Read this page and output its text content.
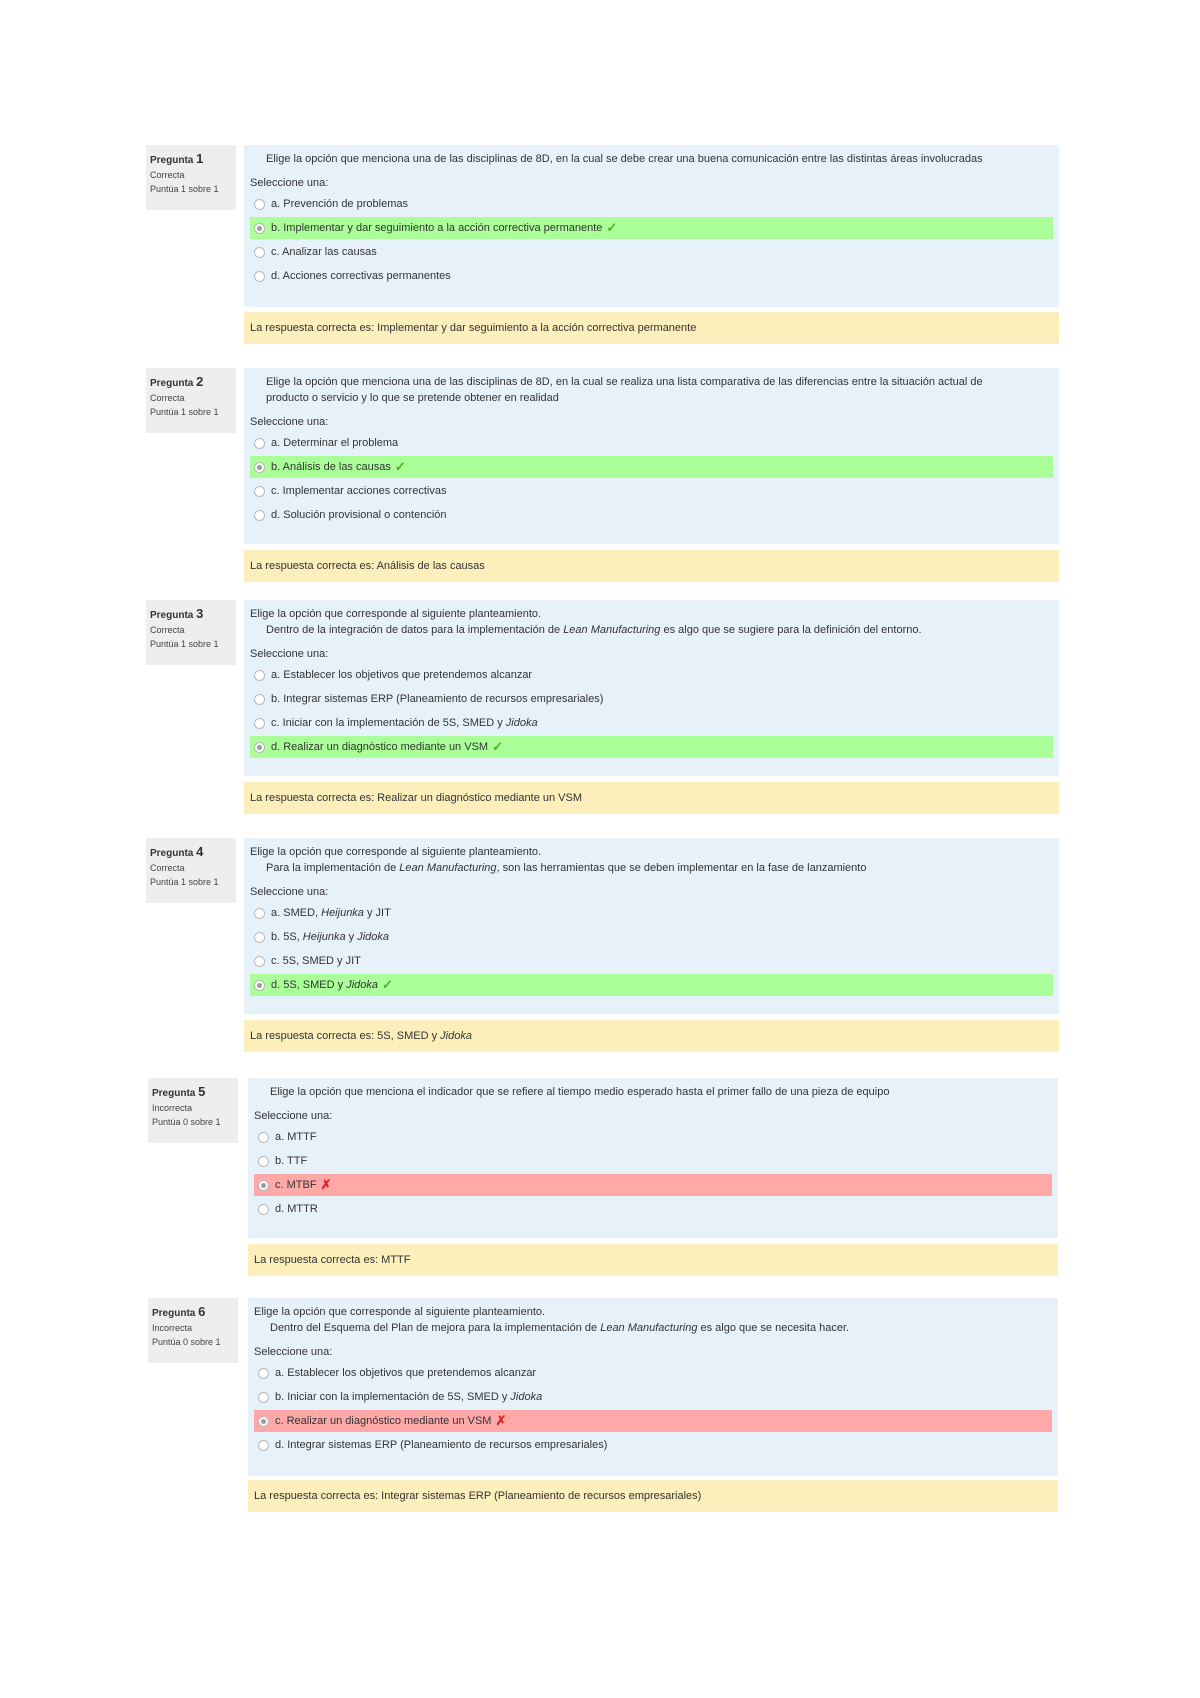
Pregunta 1
Correcta
Puntúa 1 sobre 1
Elige la opción que menciona una de las disciplinas de 8D, en la cual se debe crear una buena comunicación entre las distintas áreas involucradas
Seleccione una:
a. Prevención de problemas
b. Implementar y dar seguimiento a la acción correctiva permanente ✓
c. Analizar las causas
d. Acciones correctivas permanentes
La respuesta correcta es: Implementar y dar seguimiento a la acción correctiva permanente
Pregunta 2
Correcta
Puntúa 1 sobre 1
Elige la opción que menciona una de las disciplinas de 8D, en la cual se realiza una lista comparativa de las diferencias entre la situación actual de
producto o servicio y lo que se pretende obtener en realidad
Seleccione una:
a. Determinar el problema
b. Análisis de las causas ✓
c. Implementar acciones correctivas
d. Solución provisional o contención
La respuesta correcta es: Análisis de las causas
Pregunta 3
Correcta
Puntúa 1 sobre 1
Elige la opción que corresponde al siguiente planteamiento.
Dentro de la integración de datos para la implementación de Lean Manufacturing es algo que se sugiere para la definición del entorno.
Seleccione una:
a. Establecer los objetivos que pretendemos alcanzar
b. Integrar sistemas ERP (Planeamiento de recursos empresariales)
c. Iniciar con la implementación de 5S, SMED y Jidoka
d. Realizar un diagnóstico mediante un VSM ✓
La respuesta correcta es: Realizar un diagnóstico mediante un VSM
Pregunta 4
Correcta
Puntúa 1 sobre 1
Elige la opción que corresponde al siguiente planteamiento.
Para la implementación de Lean Manufacturing, son las herramientas que se deben implementar en la fase de lanzamiento
Seleccione una:
a. SMED, Heijunka y JIT
b. 5S, Heijunka y Jidoka
c. 5S, SMED y JIT
d. 5S, SMED y Jidoka ✓
La respuesta correcta es: 5S, SMED y Jidoka
Pregunta 5
Incorrecta
Puntúa 0 sobre 1
Elige la opción que menciona el indicador que se refiere al tiempo medio esperado hasta el primer fallo de una pieza de equipo
Seleccione una:
a. MTTF
b. TTF
c. MTBF ✗
d. MTTR
La respuesta correcta es: MTTF
Pregunta 6
Incorrecta
Puntúa 0 sobre 1
Elige la opción que corresponde al siguiente planteamiento.
Dentro del Esquema del Plan de mejora para la implementación de Lean Manufacturing es algo que se necesita hacer.
Seleccione una:
a. Establecer los objetivos que pretendemos alcanzar
b. Iniciar con la implementación de 5S, SMED y Jidoka
c. Realizar un diagnóstico mediante un VSM ✗
d. Integrar sistemas ERP (Planeamiento de recursos empresariales)
La respuesta correcta es: Integrar sistemas ERP (Planeamiento de recursos empresariales)
